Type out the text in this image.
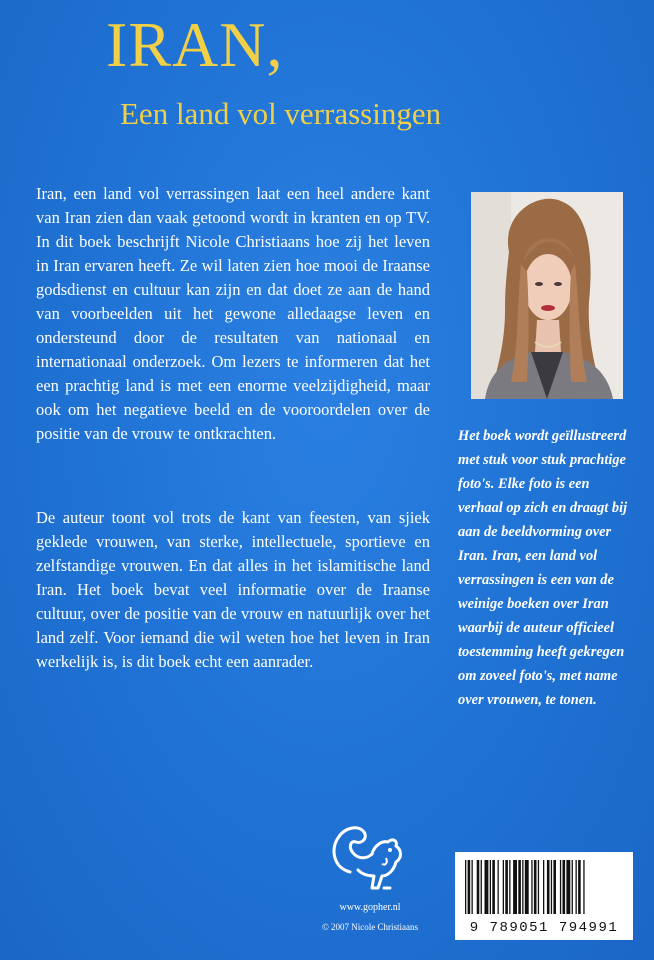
IRAN,
Een land vol verrassingen
Iran, een land vol verrassingen laat een heel andere kant van Iran zien dan vaak getoond wordt in kranten en op TV. In dit boek beschrijft Nicole Christiaans hoe zij het leven in Iran ervaren heeft. Ze wil laten zien hoe mooi de Iraanse godsdienst en cultuur kan zijn en dat doet ze aan de hand van voorbeelden uit het gewone alledaagse leven en ondersteund door de resultaten van nationaal en internationaal onderzoek. Om lezers te informeren dat het een prachtig land is met een enorme veelzijdigheid, maar ook om het negatieve beeld en de vooroordelen over de positie van de vrouw te ontkrachten.
De auteur toont vol trots de kant van feesten, van sjiek geklede vrouwen, van sterke, intellectuele, sportieve en zelfstandige vrouwen. En dat alles in het islamitische land Iran. Het boek bevat veel informatie over de Iraanse cultuur, over de positie van de vrouw en natuurlijk over het land zelf. Voor iemand die wil weten hoe het leven in Iran werkelijk is, is dit boek echt een aanrader.
Het boek wordt geïllustreerd met stuk voor stuk prachtige foto's. Elke foto is een verhaal op zich en draagt bij aan de beeldvorming over Iran. Iran, een land vol verrassingen is een van de weinige boeken over Iran waarbij de auteur officieel toestemming heeft gekregen om zoveel foto's, met name over vrouwen, te tonen.
www.gopher.nl
© 2007 Nicole Christiaans	9 789051 794991
